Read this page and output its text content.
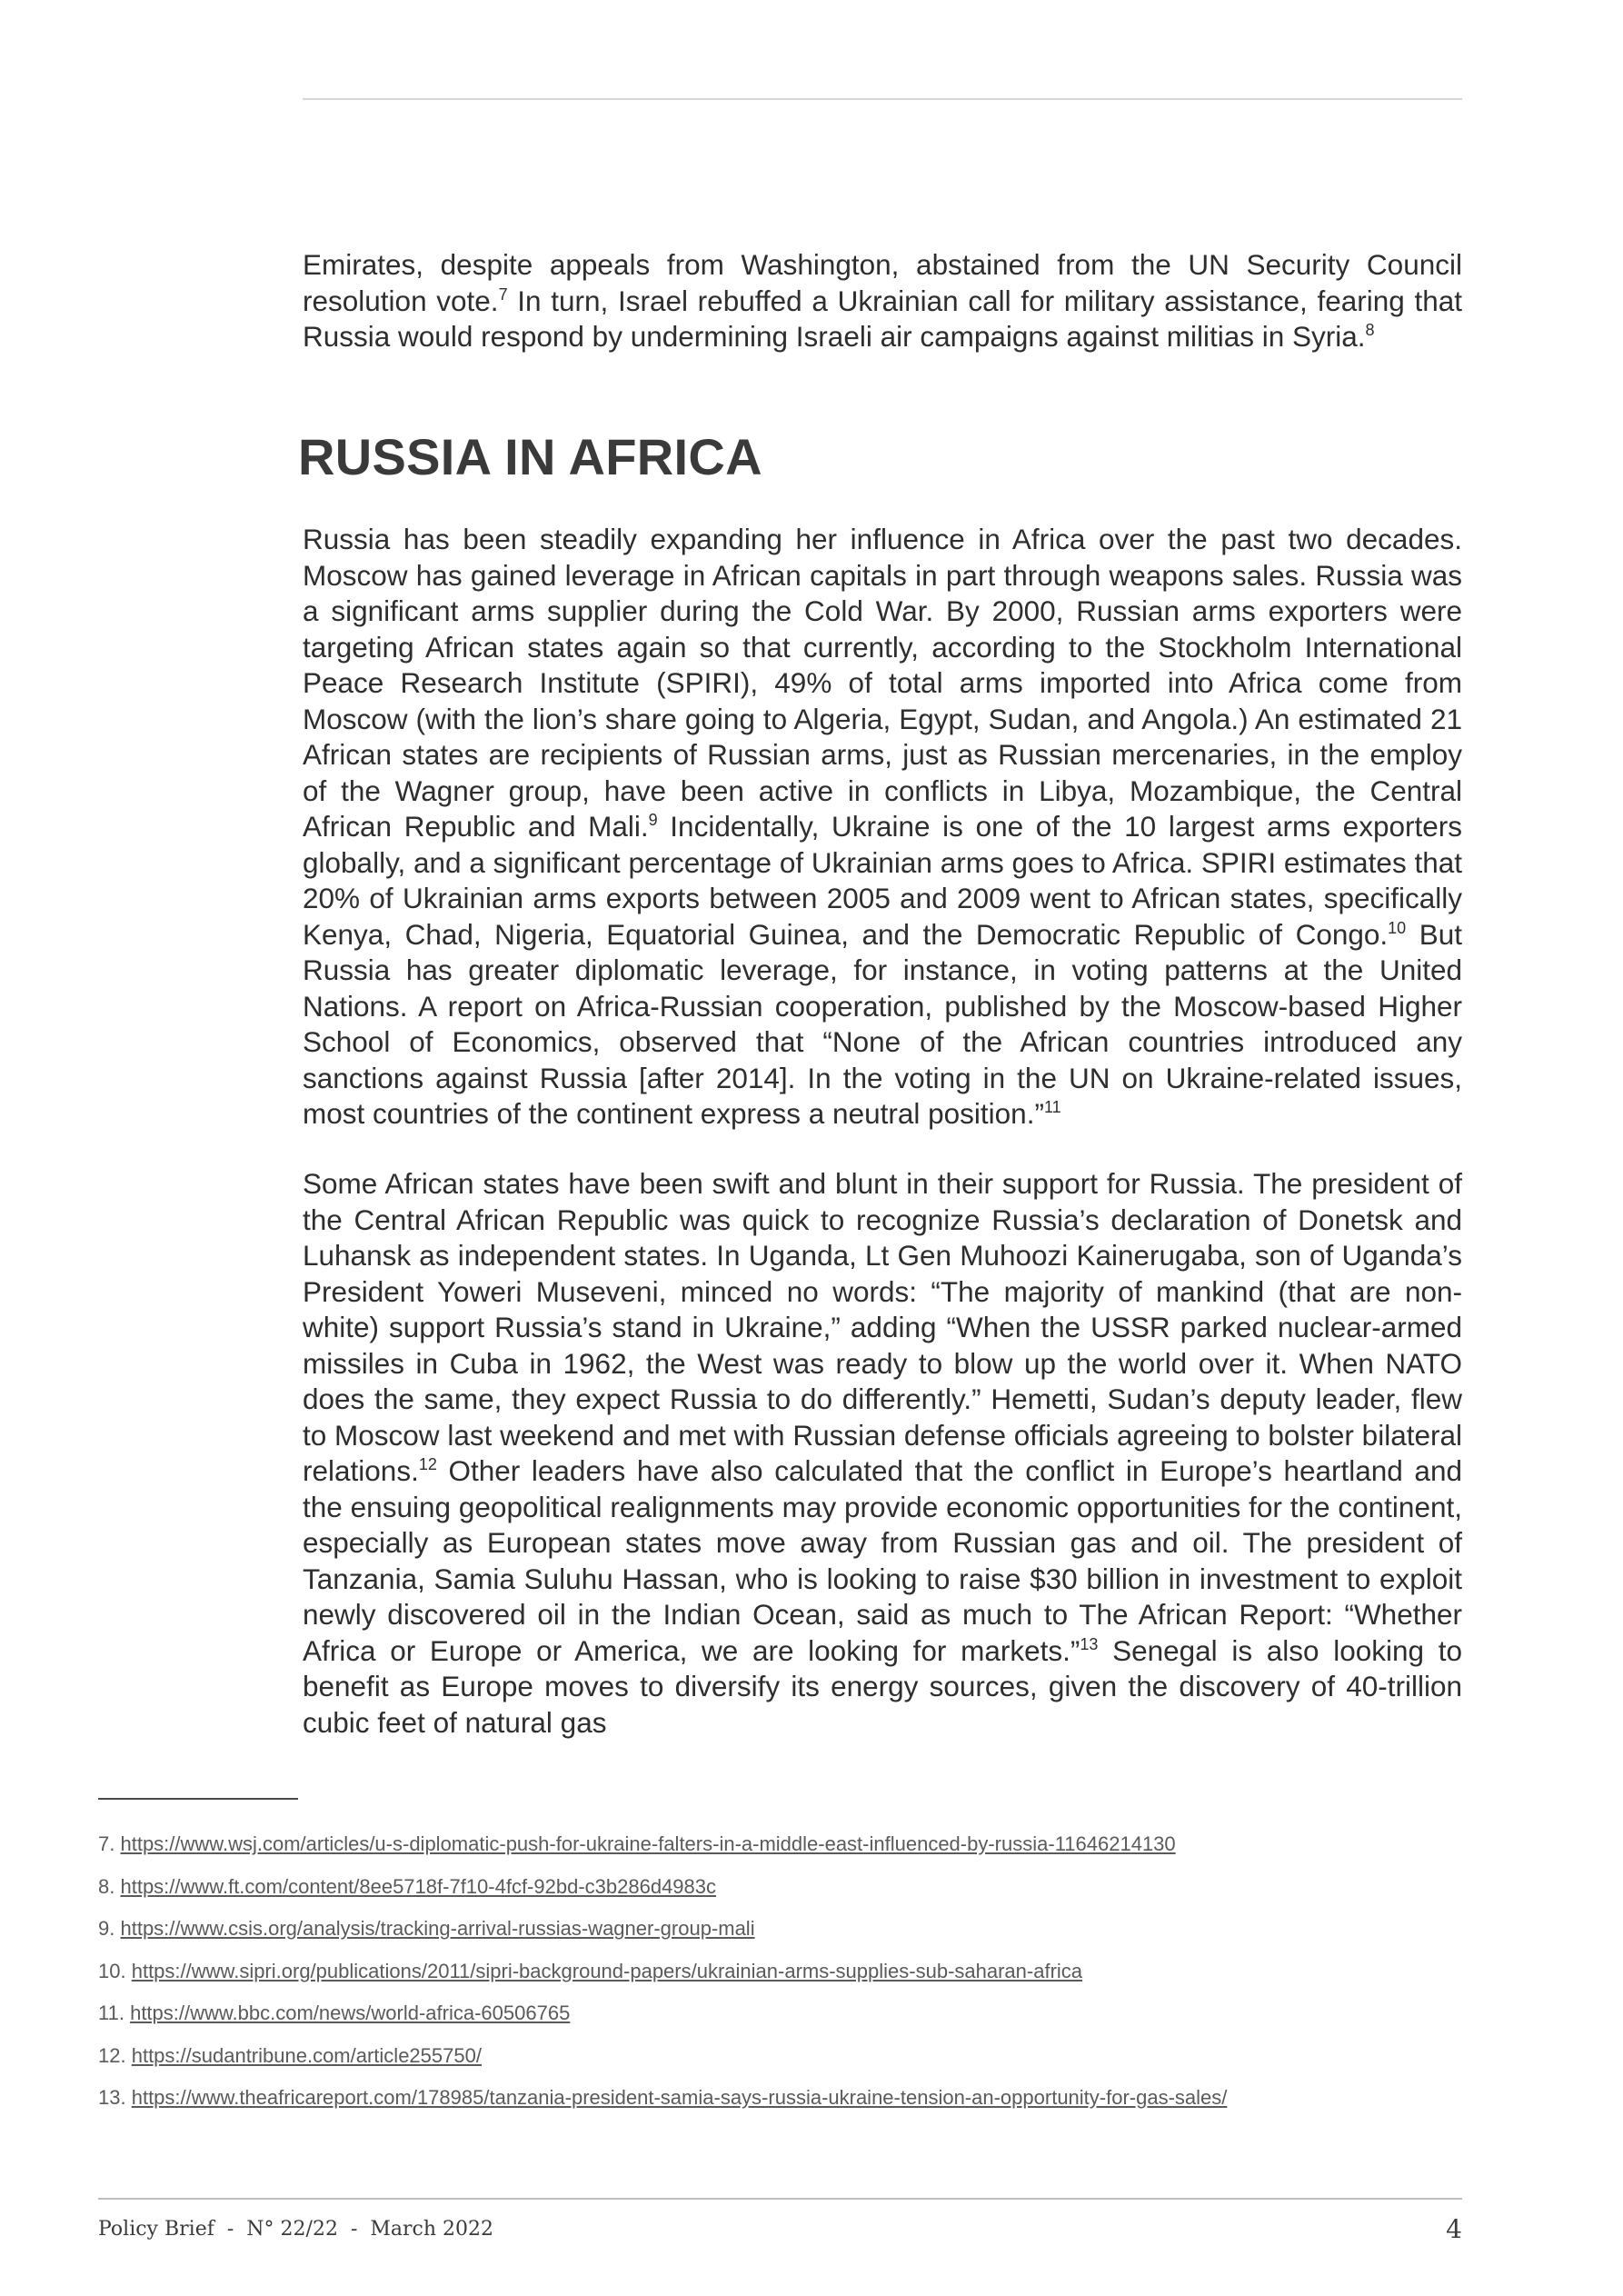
Emirates, despite appeals from Washington, abstained from the UN Security Council resolution vote.$^7$ In turn, Israel rebuffed a Ukrainian call for military assistance, fearing that Russia would respond by undermining Israeli air campaigns against militias in Syria.$^8$

RUSSIA IN AFRICA

Russia has been steadily expanding her influence in Africa over the past two decades. Moscow has gained leverage in African capitals in part through weapons sales. Russia was a significant arms supplier during the Cold War. By 2000, Russian arms exporters were targeting African states again so that currently, according to the Stockholm International Peace Research Institute (SPIRI), 49% of total arms imported into Africa come from Moscow (with the lion’s share going to Algeria, Egypt, Sudan, and Angola.) An estimated 21 African states are recipients of Russian arms, just as Russian mercenaries, in the employ of the Wagner group, have been active in conflicts in Libya, Mozambique, the Central African Republic and Mali.$^9$ Incidentally, Ukraine is one of the 10 largest arms exporters globally, and a significant percentage of Ukrainian arms goes to Africa. SPIRI estimates that 20% of Ukrainian arms exports between 2005 and 2009 went to African states, specifically Kenya, Chad, Nigeria, Equatorial Guinea, and the Democratic Republic of Congo.$^{10}$ But Russia has greater diplomatic leverage, for instance, in voting patterns at the United Nations. A report on Africa-Russian cooperation, published by the Moscow-based Higher School of Economics, observed that “None of the African countries introduced any sanctions against Russia [after 2014]. In the voting in the UN on Ukraine-related issues, most countries of the continent express a neutral position.”$^{11}$

Some African states have been swift and blunt in their support for Russia. The president of the Central African Republic was quick to recognize Russia’s declaration of Donetsk and Luhansk as independent states. In Uganda, Lt Gen Muhoozi Kainerugaba, son of Uganda’s President Yoweri Museveni, minced no words: “The majority of mankind (that are non-white) support Russia’s stand in Ukraine,” adding “When the USSR parked nuclear-armed missiles in Cuba in 1962, the West was ready to blow up the world over it. When NATO does the same, they expect Russia to do differently.” Hemetti, Sudan’s deputy leader, flew to Moscow last weekend and met with Russian defense officials agreeing to bolster bilateral relations.$^{12}$ Other leaders have also calculated that the conflict in Europe’s heartland and the ensuing geopolitical realignments may provide economic opportunities for the continent, especially as European states move away from Russian gas and oil. The president of Tanzania, Samia Suluhu Hassan, who is looking to raise $30 billion in investment to exploit newly discovered oil in the Indian Ocean, said as much to The African Report: “Whether Africa or Europe or America, we are looking for markets.”$^{13}$ Senegal is also looking to benefit as Europe moves to diversify its energy sources, given the discovery of 40-trillion cubic feet of natural gas

7. https://www.wsj.com/articles/u-s-diplomatic-push-for-ukraine-falters-in-a-middle-east-influenced-by-russia-11646214130
8. https://www.ft.com/content/8ee5718f-7f10-4fcf-92bd-c3b286d4983c
9. https://www.csis.org/analysis/tracking-arrival-russias-wagner-group-mali
10. https://www.sipri.org/publications/2011/sipri-background-papers/ukrainian-arms-supplies-sub-saharan-africa
11. https://www.bbc.com/news/world-africa-60506765
12. https://sudantribune.com/article255750/
13. https://www.theafricareport.com/178985/tanzania-president-samia-says-russia-ukraine-tension-an-opportunity-for-gas-sales/
Policy Brief - N° 22/22 - March 2022	4
